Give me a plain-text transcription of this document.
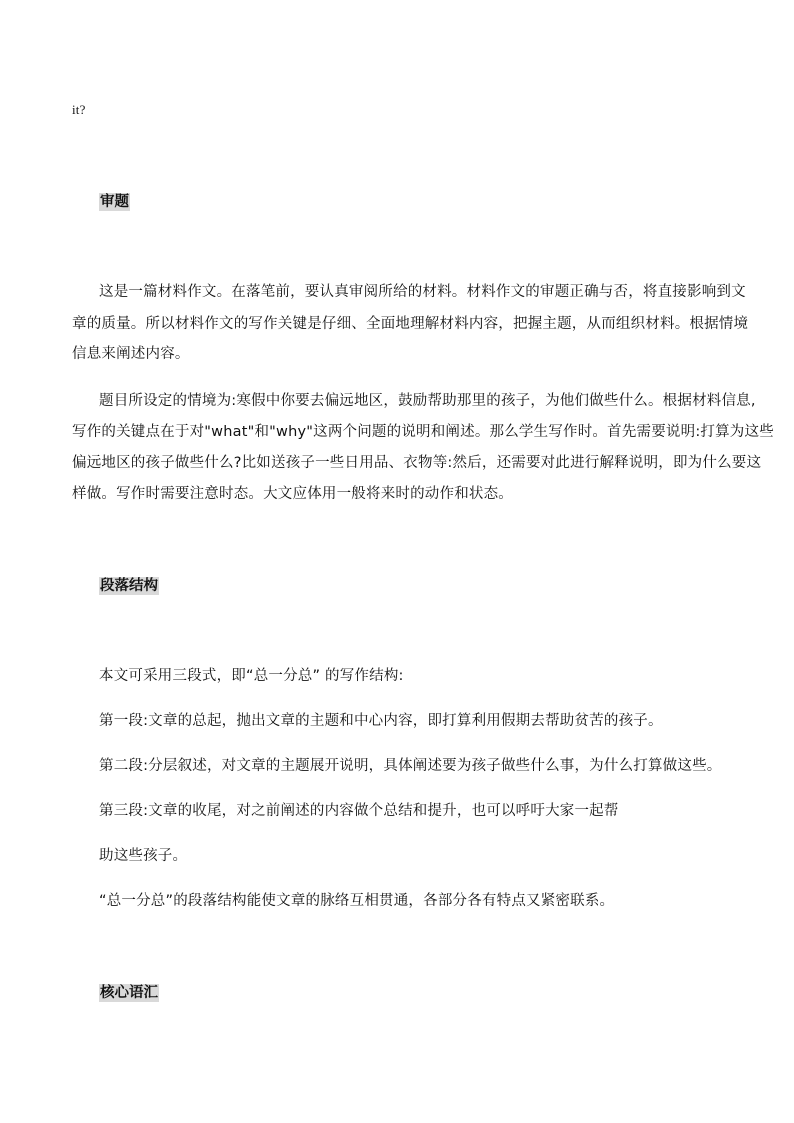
it?
审题
这是一篇材料作文。在落笔前，要认真审阅所给的材料。材料作文的审题正确与否，将直接影响到文
章的质量。所以材料作文的写作关键是仔细、全面地理解材料内容，把握主题，从而组织材料。根据情境
信息来阐述内容。
题目所设定的情境为:寒假中你要去偏远地区，鼓励帮助那里的孩子，为他们做些什么。根据材料信息,
写作的关键点在于对"what"和"why"这两个问题的说明和阐述。那么学生写作时。首先需要说明:打算为这些
偏远地区的孩子做些什么?比如送孩子一些日用品、衣物等:然后，还需要对此进行解释说明，即为什么要这
样做。写作时需要注意时态。大文应体用一般将来时的动作和状态。
段落结构
本文可采用三段式，即“总一分总” 的写作结构:
第一段:文章的总起，抛出文章的主题和中心内容，即打算利用假期去帮助贫苦的孩子。
第二段:分层叙述，对文章的主题展开说明，具体阐述要为孩子做些什么事，为什么打算做这些。
第三段:文章的收尾，对之前阐述的内容做个总结和提升，也可以呼吁大家一起帮
助这些孩子。
“总一分总”的段落结构能使文章的脉络互相贯通，各部分各有特点又紧密联系。
核心语汇
